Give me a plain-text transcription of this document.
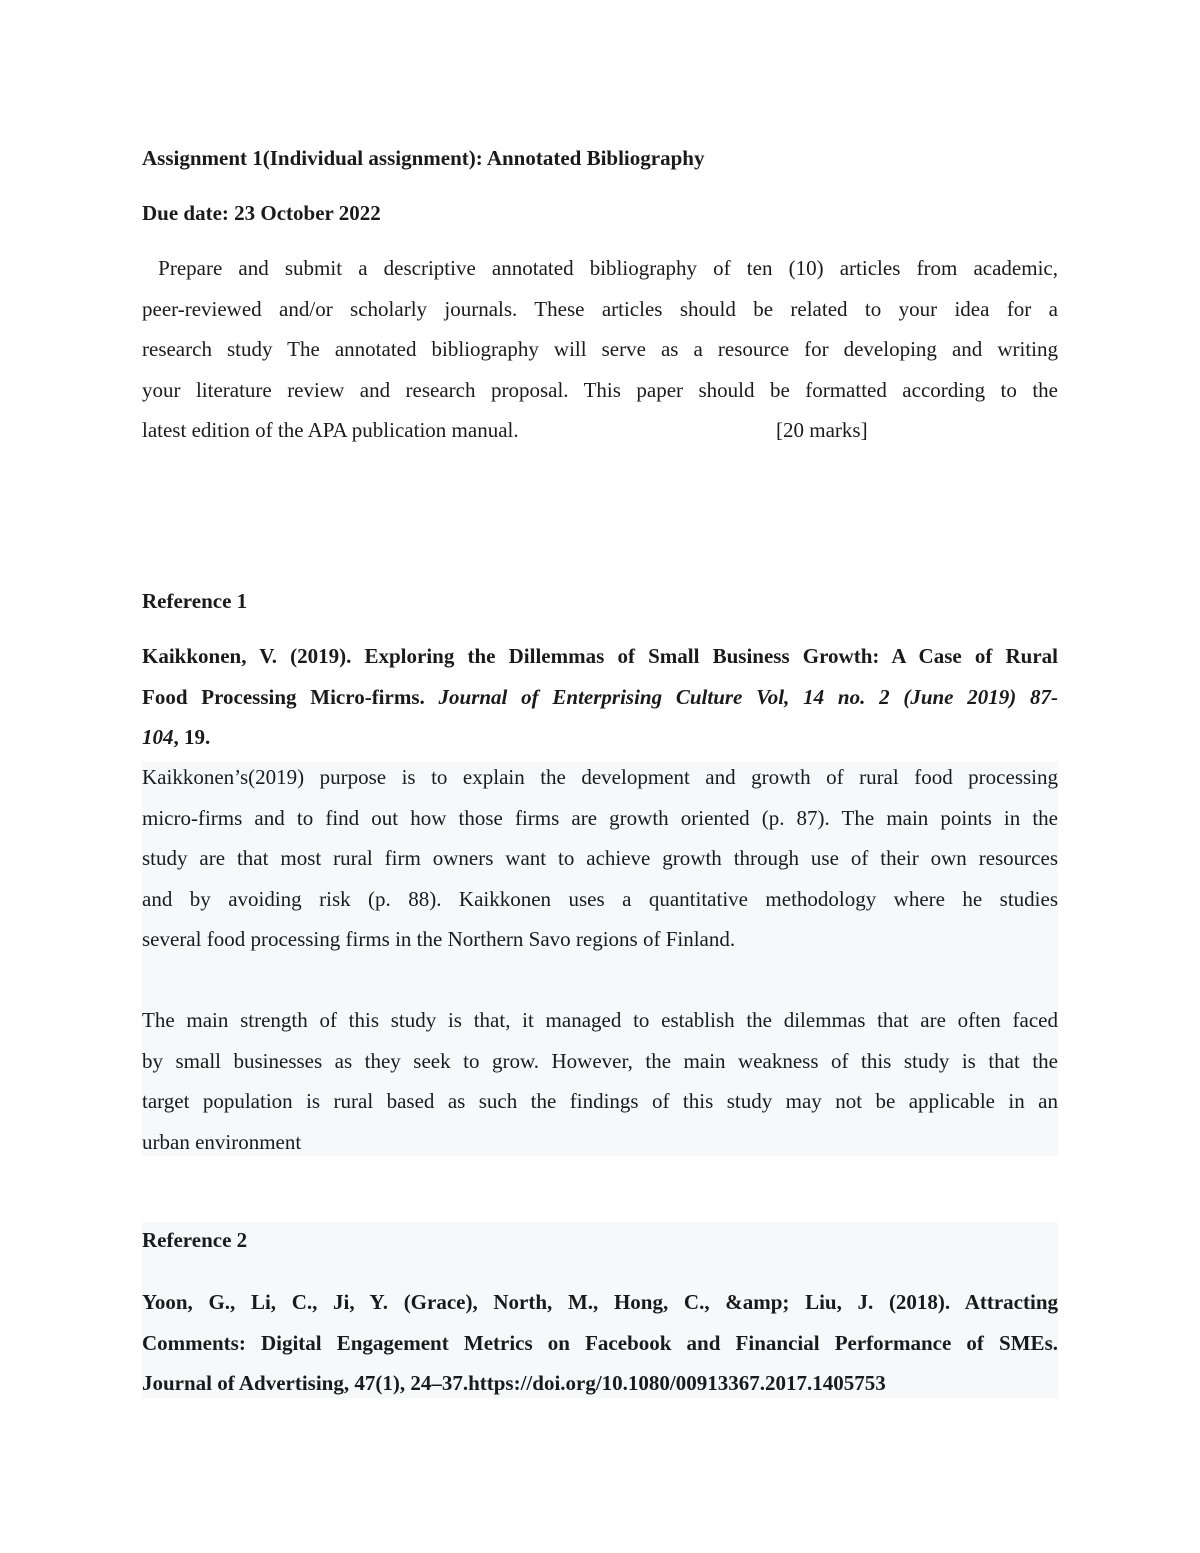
Assignment 1(Individual assignment): Annotated Bibliography
Due date: 23 October 2022
Prepare and submit a descriptive annotated bibliography of ten (10) articles from academic,
peer-reviewed and/or scholarly journals. These articles should be related to your idea for a
research study The annotated bibliography will serve as a resource for developing and writing
your literature review and research proposal. This paper should be formatted according to the
latest edition of the APA publication manual.	[20 marks]
Reference 1
Kaikkonen, V. (2019). Exploring the Dillemmas of Small Business Growth: A Case of Rural
Food Processing Micro-firms. Journal of Enterprising Culture Vol, 14 no. 2 (June 2019) 87-
104, 19.
Kaikkonen’s(2019) purpose is to explain the development and growth of rural food processing
micro-firms and to find out how those firms are growth oriented (p. 87). The main points in the
study are that most rural firm owners want to achieve growth through use of their own resources
and by avoiding risk (p. 88). Kaikkonen uses a quantitative methodology where he studies
several food processing firms in the Northern Savo regions of Finland.
The main strength of this study is that, it managed to establish the dilemmas that are often faced
by small businesses as they seek to grow. However, the main weakness of this study is that the
target population is rural based as such the findings of this study may not be applicable in an
urban environment
Reference 2
Yoon, G., Li, C., Ji, Y. (Grace), North, M., Hong, C., &amp; Liu, J. (2018). Attracting
Comments: Digital Engagement Metrics on Facebook and Financial Performance of SMEs.
Journal of Advertising, 47(1), 24–37.https://doi.org/10.1080/00913367.2017.1405753
